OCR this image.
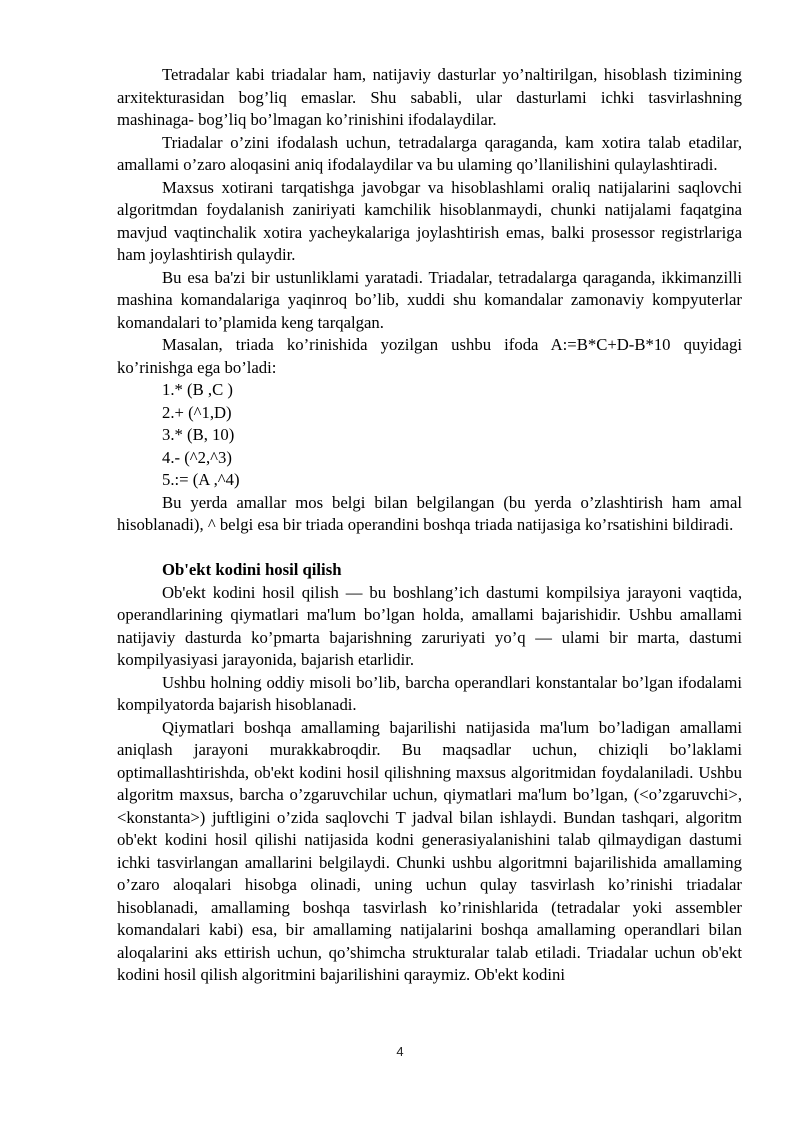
Tetradalar kabi triadalar ham, natijaviy dasturlar yo’naltirilgan, hisoblash tizimining arxitekturasidan bog’liq emaslar. Shu sababli, ular dasturlami ichki tasvirlashning mashinaga- bog’liq bo’lmagan ko’rinishini ifodalaydilar.

Triadalar o’zini ifodalash uchun, tetradalarga qaraganda, kam xotira talab etadilar, amallami o’zaro aloqasini aniq ifodalaydilar va bu ulaming qo’llanilishini qulaylashtiradi.

Maxsus xotirani tarqatishga javobgar va hisoblashlami oraliq natijalarini saqlovchi algoritmdan foydalanish zaniriyati kamchilik hisoblanmaydi, chunki natijalami faqatgina mavjud vaqtinchalik xotira yacheykalariga joylashtirish emas, balki prosessor registrlariga ham joylashtirish qulaydir.

Bu esa ba'zi bir ustunliklami yaratadi. Triadalar, tetradalarga qaraganda, ikkimanzilli mashina komandalariga yaqinroq bo’lib, xuddi shu komandalar zamonaviy kompyuterlar komandalari to’plamida keng tarqalgan.

Masalan, triada ko’rinishida yozilgan ushbu ifoda A:=B*C+D-B*10 quyidagi ko’rinishga ega bo’ladi:

1.* (B ,C )

2.+ (^1,D)

3.* (B, 10)

4.- (^2,^3)

5.:= (A ,^4)

Bu yerda amallar mos belgi bilan belgilangan (bu yerda o’zlashtirish ham amal hisoblanadi), ^ belgi esa bir triada operandini boshqa triada natijasiga ko’rsatishini bildiradi.

Ob'ekt kodini hosil qilish

Ob'ekt kodini hosil qilish — bu boshlang’ich dastumi kompilsiya jarayoni vaqtida, operandlarining qiymatlari ma'lum bo’lgan holda, amallami bajarishidir. Ushbu amallami natijaviy dasturda ko’pmarta bajarishning zaruriyati yo’q — ulami bir marta, dastumi kompilyasiyasi jarayonida, bajarish etarlidir.

Ushbu holning oddiy misoli bo’lib, barcha operandlari konstantalar bo’lgan ifodalami kompilyatorda bajarish hisoblanadi.

Qiymatlari boshqa amallaming bajarilishi natijasida ma'lum bo’ladigan amallami aniqlash jarayoni murakkabroqdir. Bu maqsadlar uchun, chiziqli bo’laklami optimallashtirishda, ob'ekt kodini hosil qilishning maxsus algoritmidan foydalaniladi. Ushbu algoritm maxsus, barcha o’zgaruvchilar uchun, qiymatlari ma'lum bo’lgan, (<o’zgaruvchi>, <konstanta>) juftligini o’zida saqlovchi T jadval bilan ishlaydi. Bundan tashqari, algoritm ob'ekt kodini hosil qilishi natijasida kodni generasiyalanishini talab qilmaydigan dastumi ichki tasvirlangan amallarini belgilaydi. Chunki ushbu algoritmni bajarilishida amallaming o’zaro aloqalari hisobga olinadi, uning uchun qulay tasvirlash ko’rinishi triadalar hisoblanadi, amallaming boshqa tasvirlash ko’rinishlarida (tetradalar yoki assembler komandalari kabi) esa, bir amallaming natijalarini boshqa amallaming operandlari bilan aloqalarini aks ettirish uchun, qo’shimcha strukturalar talab etiladi. Triadalar uchun ob'ekt kodini hosil qilish algoritmini bajarilishini qaraymiz. Ob'ekt kodini

4
